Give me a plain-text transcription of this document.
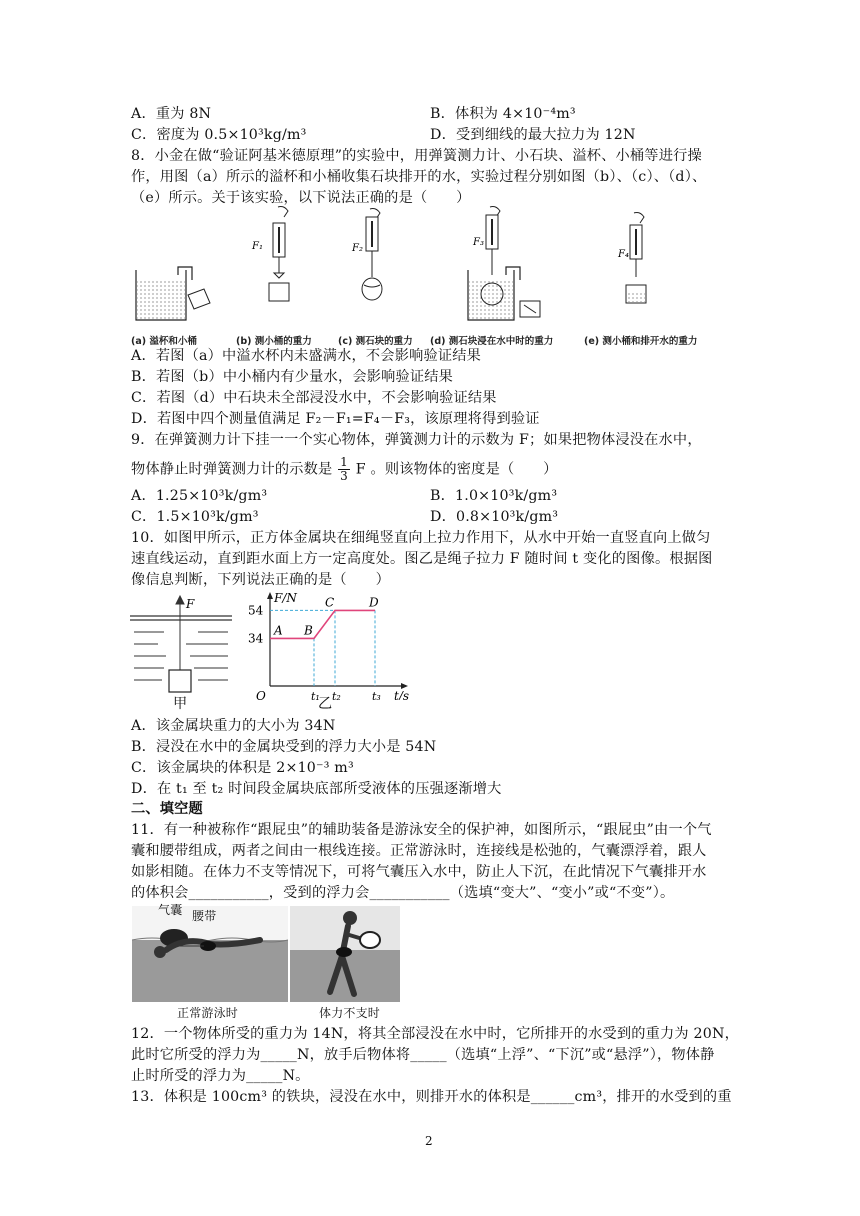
A．重为 8N	B．体积为 4×10⁻⁴m³
C．密度为 0.5×10³kg/m³	D．受到细线的最大拉力为 12N
8．小金在做“验证阿基米德原理”的实验中，用弹簧测力计、小石块、溢杯、小桶等进行操
作，用图（a）所示的溢杯和小桶收集石块排开的水，实验过程分别如图（b）、（c）、（d）、
（e）所示。关于该实验，以下说法正确的是（　　）
F₁	F₂
F₃
F₄
(a) 溢杯和小桶	(b) 测小桶的重力	(c) 测石块的重力 (d) 测石块浸在水中时的重力	(e) 测小桶和排开水的重力
A．若图（a）中溢水杯内未盛满水，不会影响验证结果
B．若图（b）中小桶内有少量水，会影响验证结果
C．若图（d）中石块未全部浸没水中，不会影响验证结果
D．若图中四个测量值满足 F₂－F₁=F₄－F₃，该原理将得到验证
9．在弹簧测力计下挂一一个实心物体，弹簧测力计的示数为 F；如果把物体浸没在水中，
物体静止时弹簧测力计的示数是 $\frac{1}{3}$ F 。则该物体的密度是（　　）
A．1.25×10³k/gm³	B．1.0×10³k/gm³
C．1.5×10³k/gm³	D．0.8×10³k/gm³
10．如图甲所示，正方体金属块在细绳竖直向上拉力作用下，从水中开始一直竖直向上做匀
速直线运动，直到距水面上方一定高度处。图乙是绳子拉力 F 随时间 t 变化的图像。根据图
像信息判断，下列说法正确的是（　　）
F
甲
34
54
A B
C	D
t₁ t₂	t₃
O
F/N
t/s
乙
A．该金属块重力的大小为 34N
B．浸没在水中的金属块受到的浮力大小是 54N
C．该金属块的体积是 2×10⁻³ m³
D．在 t₁ 至 t₂ 时间段金属块底部所受液体的压强逐渐增大
二、填空题
11．有一种被称作“跟屁虫”的辅助装备是游泳安全的保护神，如图所示，“跟屁虫”由一个气
囊和腰带组成，两者之间由一根线连接。正常游泳时，连接线是松弛的，气囊漂浮着，跟人
如影相随。在体力不支等情况下，可将气囊压入水中，防止人下沉，在此情况下气囊排开水
的体积会___________，受到的浮力会___________（选填“变大”、“变小”或“不变”）。
气囊 腰带
正常游泳时	体力不支时
12．一个物体所受的重力为 14N，将其全部浸没在水中时，它所排开的水受到的重力为 20N，
此时它所受的浮力为_____N，放手后物体将_____（选填“上浮”、“下沉”或“悬浮”），物体静
止时所受的浮力为_____N。
13．体积是 100cm³ 的铁块，浸没在水中，则排开水的体积是______cm³，排开的水受到的重
2
